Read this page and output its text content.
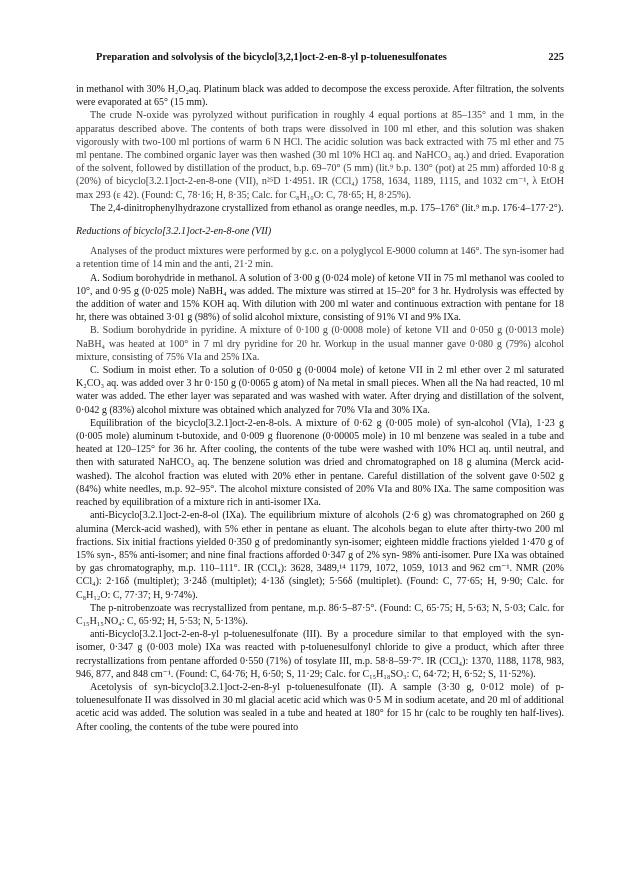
Preparation and solvolysis of the bicyclo[3,2,1]oct-2-en-8-yl p-toluenesulfonates	225

in methanol with 30% H₂O₂aq. Platinum black was added to decompose the excess peroxide. After filtration, the solvents were evaporated at 65° (15 mm).

The crude N-oxide was pyrolyzed without purification in roughly 4 equal portions at 85–135° and 1 mm, in the apparatus described above. The contents of both traps were dissolved in 100 ml ether, and this solution was shaken vigorously with two-100 ml portions of warm 6 N HCl. The acidic solution was back extracted with 75 ml ether and 75 ml pentane. The combined organic layer was then washed (30 ml 10% HCl aq. and NaHCO₃ aq.) and dried. Evaporation of the solvent, followed by distillation of the product, b.p. 69–70° (5 mm) (lit.⁹ b.p. 130° (pot) at 25 mm) afforded 10·8 g (20%) of bicyclo[3.2.1]oct-2-en-8-one (VII), n²⁵D 1·4951. IR (CCl₄) 1758, 1634, 1189, 1115, and 1032 cm⁻¹, λ EtOH max 293 (ε 42). (Found: C, 78·16; H, 8·35; Calc. for C₈H₁₀O: C, 78·65; H, 8·25%).

The 2,4-dinitrophenylhydrazone crystallized from ethanol as orange needles, m.p. 175–176° (lit.⁹ m.p. 176·4–177·2°).

Reductions of bicyclo[3.2.1]oct-2-en-8-one (VII)

Analyses of the product mixtures were performed by g.c. on a polyglycol E-9000 column at 146°. The syn-isomer had a retention time of 14 min and the anti, 21·2 min.

A. Sodium borohydride in methanol. A solution of 3·00 g (0·024 mole) of ketone VII in 75 ml methanol was cooled to 10°, and 0·95 g (0·025 mole) NaBH₄ was added. The mixture was stirred at 15–20° for 3 hr. Hydrolysis was effected by the addition of water and 15% KOH aq. With dilution with 200 ml water and continuous extraction with pentane for 18 hr, there was obtained 3·01 g (98%) of solid alcohol mixture, consisting of 91% VI and 9% IXa.

B. Sodium borohydride in pyridine. A mixture of 0·100 g (0·0008 mole) of ketone VII and 0·050 g (0·0013 mole) NaBH₄ was heated at 100° in 7 ml dry pyridine for 20 hr. Workup in the usual manner gave 0·080 g (79%) alcohol mixture, consisting of 75% VIa and 25% IXa.

C. Sodium in moist ether. To a solution of 0·050 g (0·0004 mole) of ketone VII in 2 ml ether over 2 ml saturated K₂CO₃ aq. was added over 3 hr 0·150 g (0·0065 g atom) of Na metal in small pieces. When all the Na had reacted, 10 ml water was added. The ether layer was separated and was washed with water. After drying and distillation of the solvent, 0·042 g (83%) alcohol mixture was obtained which analyzed for 70% VIa and 30% IXa.

Equilibration of the bicyclo[3.2.1]oct-2-en-8-ols. A mixture of 0·62 g (0·005 mole) of syn-alcohol (VIa), 1·23 g (0·005 mole) aluminum t-butoxide, and 0·009 g fluorenone (0·00005 mole) in 10 ml benzene was sealed in a tube and heated at 120–125° for 36 hr. After cooling, the contents of the tube were washed with 10% HCl aq. until neutral, and then with saturated NaHCO₃ aq. The benzene solution was dried and chromatographed on 18 g alumina (Merck acid-washed). The alcohol fraction was eluted with 20% ether in pentane. Careful distillation of the solvent gave 0·502 g (84%) white needles, m.p. 92–95°. The alcohol mixture consisted of 20% VIa and 80% IXa. The same composition was reached by equilibration of a mixture rich in anti-isomer IXa.

anti-Bicyclo[3.2.1]oct-2-en-8-ol (IXa). The equilibrium mixture of alcohols (2·6 g) was chromatographed on 260 g alumina (Merck-acid washed), with 5% ether in pentane as eluant. The alcohols began to elute after thirty-two 200 ml fractions. Six initial fractions yielded 0·350 g of predominantly syn-isomer; eighteen middle fractions yielded 1·470 g of 15% syn-, 85% anti-isomer; and nine final fractions afforded 0·347 g of 2% syn- 98% anti-isomer. Pure IXa was obtained by gas chromatography, m.p. 110–111°. IR (CCl₄): 3628, 3489,¹⁴ 1179, 1072, 1059, 1013 and 962 cm⁻¹. NMR (20% CCl₄): 2·16δ (multiplet); 3·24δ (multiplet); 4·13δ (singlet); 5·56δ (multiplet). (Found: C, 77·65; H, 9·90; Calc. for C₈H₁₂O: C, 77·37; H, 9·74%).

The p-nitrobenzoate was recrystallized from pentane, m.p. 86·5–87·5°. (Found: C, 65·75; H, 5·63; N, 5·03; Calc. for C₁₅H₁₅NO₄: C, 65·92; H, 5·53; N, 5·13%).

anti-Bicyclo[3.2.1]oct-2-en-8-yl p-toluenesulfonate (III). By a procedure similar to that employed with the syn-isomer, 0·347 g (0·003 mole) IXa was reacted with p-toluenesulfonyl chloride to give a product, which after three recrystallizations from pentane afforded 0·550 (71%) of tosylate III, m.p. 58·8–59·7°. IR (CCl₄): 1370, 1188, 1178, 983, 946, 877, and 848 cm⁻¹. (Found: C, 64·76; H, 6·50; S, 11·29; Calc. for C₁₅H₁₈SO₃: C, 64·72; H, 6·52; S, 11·52%).

Acetolysis of syn-bicyclo[3.2.1]oct-2-en-8-yl p-toluenesulfonate (II). A sample (3·30 g, 0·012 mole) of p-toluenesulfonate II was dissolved in 30 ml glacial acetic acid which was 0·5 M in sodium acetate, and 20 ml of additional acetic acid was added. The solution was sealed in a tube and heated at 180° for 15 hr (calc to be roughly ten half-lives). After cooling, the contents of the tube were poured into
